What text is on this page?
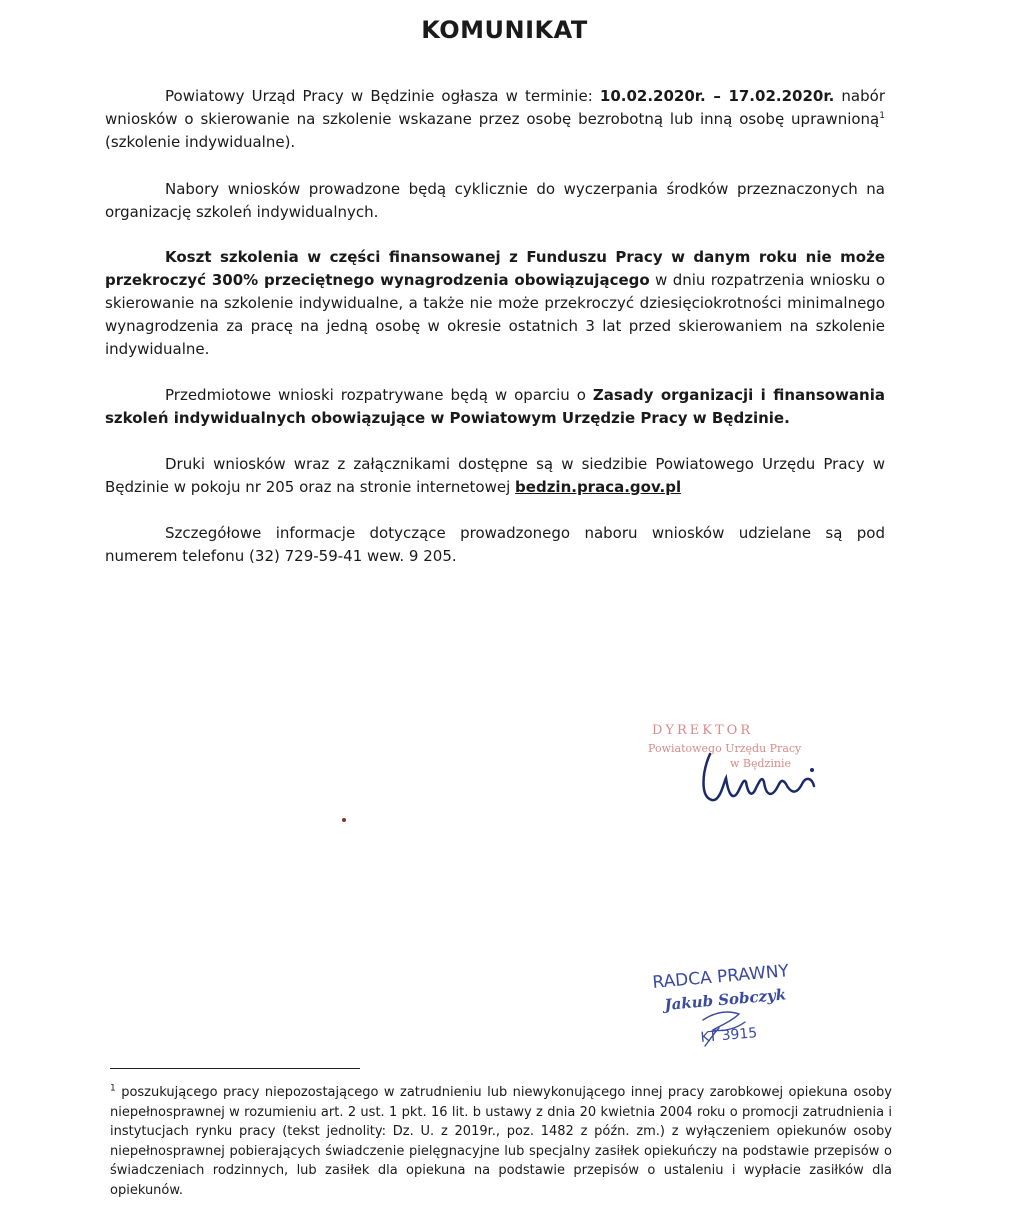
KOMUNIKAT
Powiatowy Urząd Pracy w Będzinie ogłasza w terminie: 10.02.2020r. – 17.02.2020r. nabór wniosków o skierowanie na szkolenie wskazane przez osobę bezrobotną lub inną osobę uprawnioną$^1$ (szkolenie indywidualne).
Nabory wniosków prowadzone będą cyklicznie do wyczerpania środków przeznaczonych na organizację szkoleń indywidualnych.
Koszt szkolenia w części finansowanej z Funduszu Pracy w danym roku nie może przekroczyć 300% przeciętnego wynagrodzenia obowiązującego w dniu rozpatrzenia wniosku o skierowanie na szkolenie indywidualne, a także nie może przekroczyć dziesięciokrotności minimalnego wynagrodzenia za pracę na jedną osobę w okresie ostatnich 3 lat przed skierowaniem na szkolenie indywidualne.
Przedmiotowe wnioski rozpatrywane będą w oparciu o Zasady organizacji i finansowania szkoleń indywidualnych obowiązujące w Powiatowym Urzędzie Pracy w Będzinie.
Druki wniosków wraz z załącznikami dostępne są w siedzibie Powiatowego Urzędu Pracy w Będzinie w pokoju nr 205 oraz na stronie internetowej bedzin.praca.gov.pl
Szczegółowe informacje dotyczące prowadzonego naboru wniosków udzielane są pod numerem telefonu (32) 729-59-41 wew. 9 205.
DYREKTOR
Powiatowego Urzędu Pracy
w Będzinie
RADCA PRAWNY
Jakub Sobczyk
KT 3915
$^1$ poszukującego pracy niepozostającego w zatrudnieniu lub niewykonującego innej pracy zarobkowej opiekuna osoby niepełnosprawnej w rozumieniu art. 2 ust. 1 pkt. 16 lit. b ustawy z dnia 20 kwietnia 2004 roku o promocji zatrudnienia i instytucjach rynku pracy (tekst jednolity: Dz. U. z 2019r., poz. 1482 z późn. zm.) z wyłączeniem opiekunów osoby niepełnosprawnej pobierających świadczenie pielęgnacyjne lub specjalny zasiłek opiekuńczy na podstawie przepisów o świadczeniach rodzinnych, lub zasiłek dla opiekuna na podstawie przepisów o ustaleniu i wypłacie zasiłków dla opiekunów.
